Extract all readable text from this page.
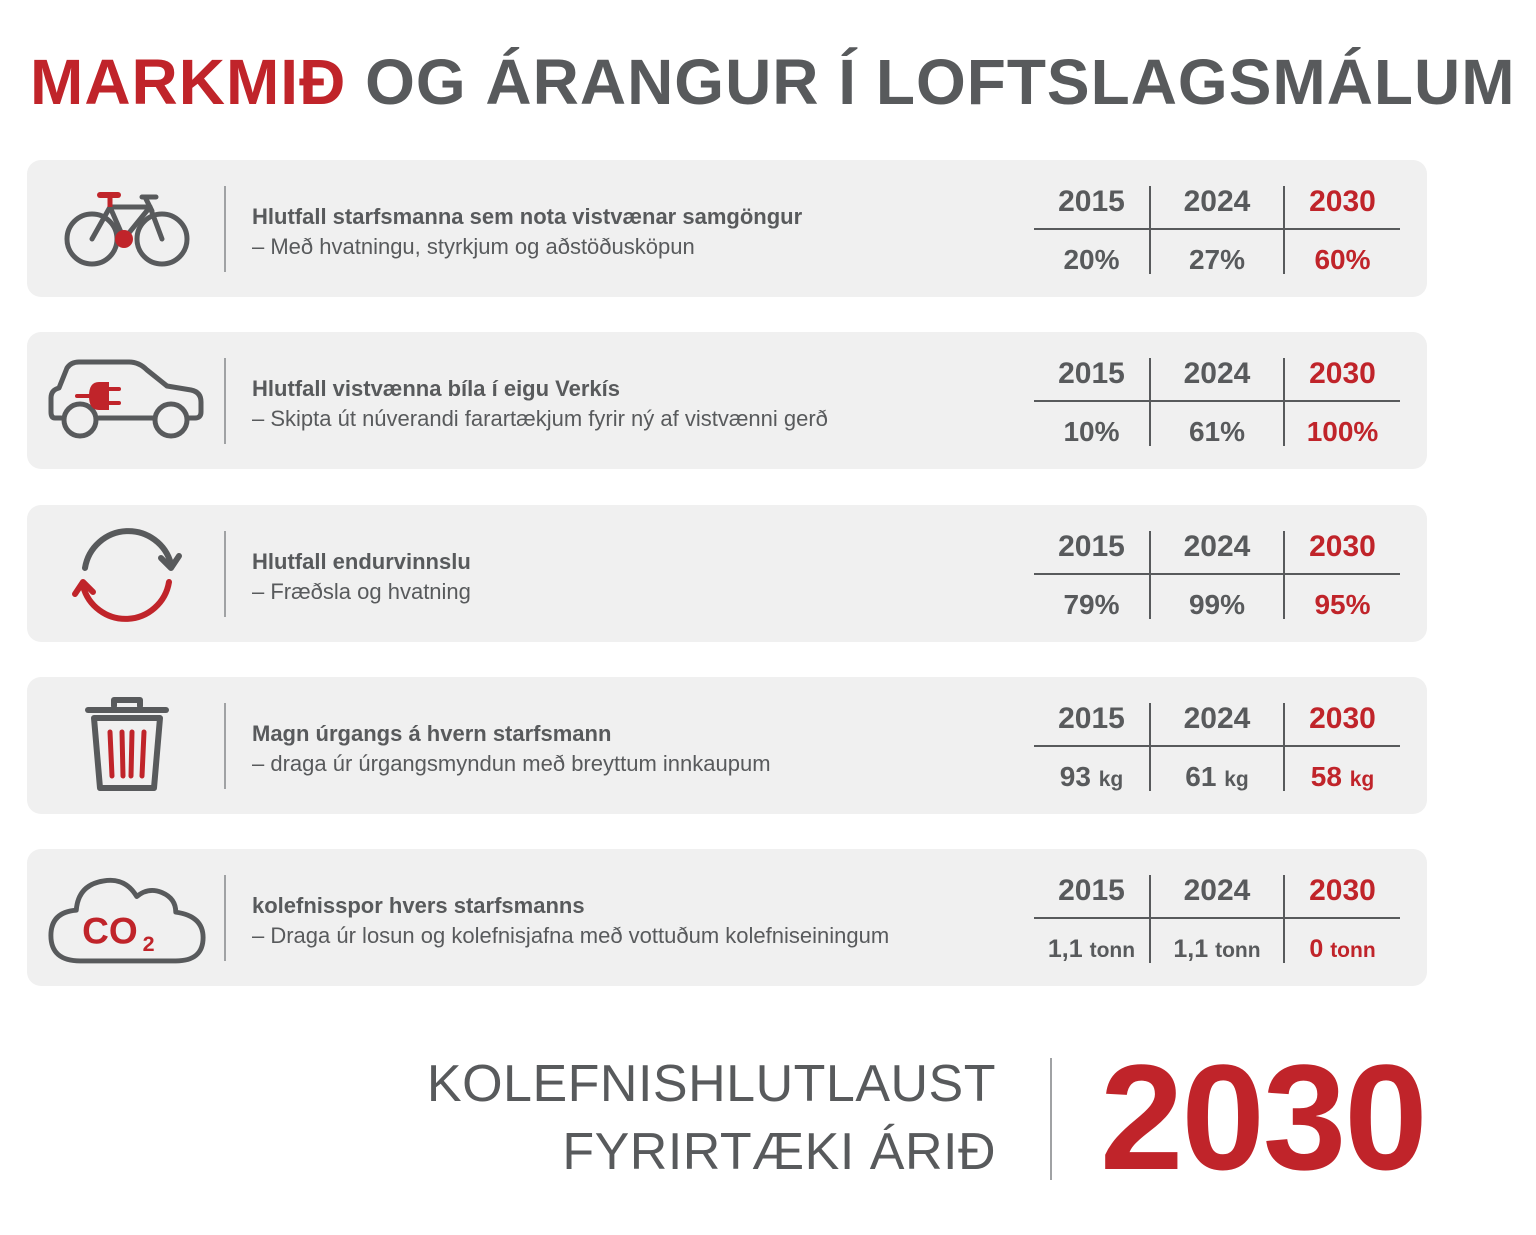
MARKMIÐ OG ÁRANGUR Í LOFTSLAGSMÁLUM
Hlutfall starfsmanna sem nota vistvænar samgöngur
– Með hvatningu, styrkjum og aðstöðusköpun
2015	2024	2030
20%	27%	60%
Hlutfall vistvænna bíla í eigu Verkís
– Skipta út núverandi farartækjum fyrir ný af vistvænni gerð
2015	2024	2030
10%	61%	100%
Hlutfall endurvinnslu
– Fræðsla og hvatning
2015	2024	2030
79%	99%	95%
Magn úrgangs á hvern starfsmann
– draga úr úrgangsmyndun með breyttum innkaupum
2015	2024	2030
93 kg	61 kg	58 kg
CO 2
kolefnisspor hvers starfsmanns
– Draga úr losun og kolefnisjafna með vottuðum kolefniseiningum
2015	2024	2030
1,1 tonn	1,1 tonn	0 tonn
KOLEFNISHLUTLAUST
FYRIRTÆKI ÁRIÐ 2030
